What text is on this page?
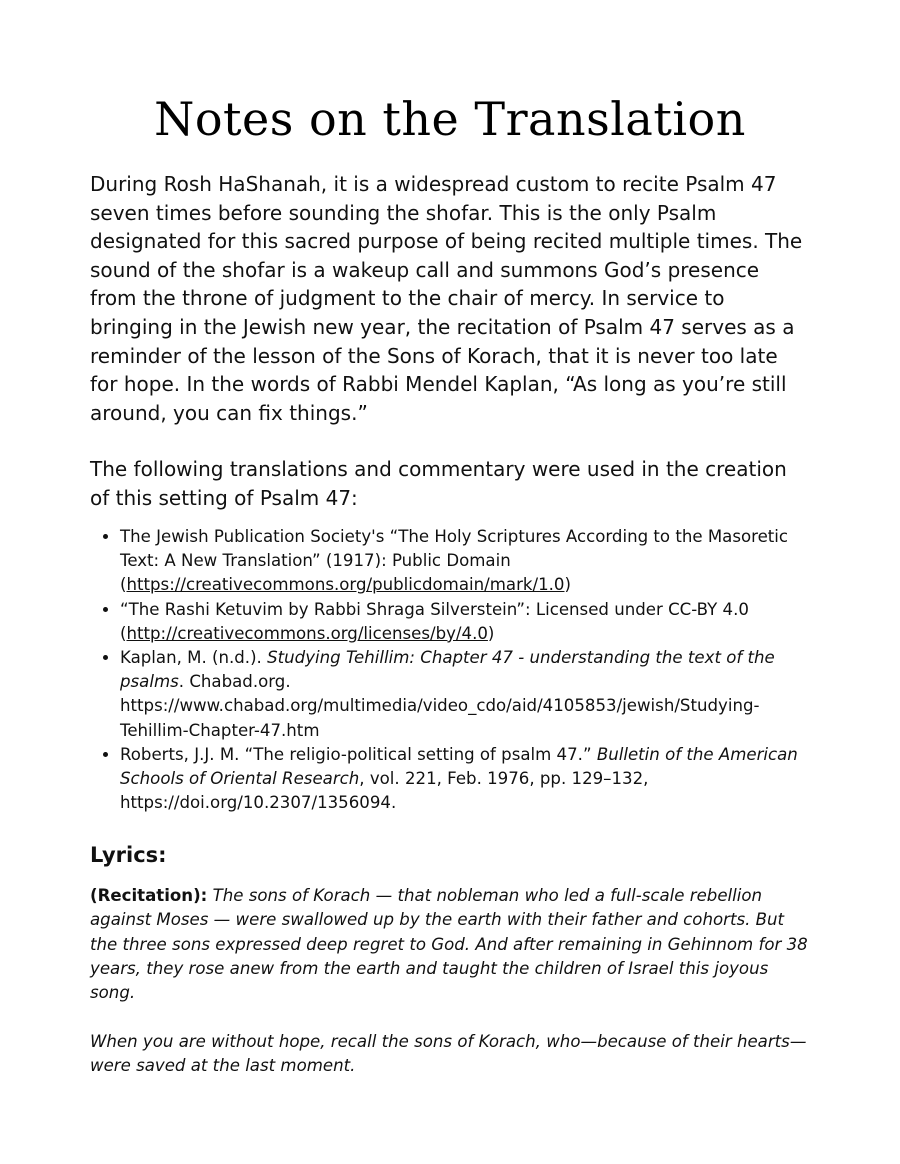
Notes on the Translation

During Rosh HaShanah, it is a widespread custom to recite Psalm 47 seven times before sounding the shofar. This is the only Psalm designated for this sacred purpose of being recited multiple times. The sound of the shofar is a wakeup call and summons God’s presence from the throne of judgment to the chair of mercy. In service to bringing in the Jewish new year, the recitation of Psalm 47 serves as a reminder of the lesson of the Sons of Korach, that it is never too late for hope. In the words of Rabbi Mendel Kaplan, “As long as you’re still around, you can fix things.”

The following translations and commentary were used in the creation of this setting of Psalm 47:

• The Jewish Publication Society's “The Holy Scriptures According to the Masoretic Text: A New Translation” (1917): Public Domain (https://creativecommons.org/publicdomain/mark/1.0)
• “The Rashi Ketuvim by Rabbi Shraga Silverstein”: Licensed under CC-BY 4.0 (http://creativecommons.org/licenses/by/4.0)
• Kaplan, M. (n.d.). Studying Tehillim: Chapter 47 - understanding the text of the psalms. Chabad.org. https://www.chabad.org/multimedia/video_cdo/aid/4105853/jewish/Studying-Tehillim-Chapter-47.htm
• Roberts, J.J. M. “The religio-political setting of psalm 47.” Bulletin of the American Schools of Oriental Research, vol. 221, Feb. 1976, pp. 129–132, https://doi.org/10.2307/1356094.
Lyrics:

(Recitation): The sons of Korach — that nobleman who led a full-scale rebellion against Moses — were swallowed up by the earth with their father and cohorts. But the three sons expressed deep regret to God. And after remaining in Gehinnom for 38 years, they rose anew from the earth and taught the children of Israel this joyous song.

When you are without hope, recall the sons of Korach, who—because of their hearts—were saved at the last moment.
